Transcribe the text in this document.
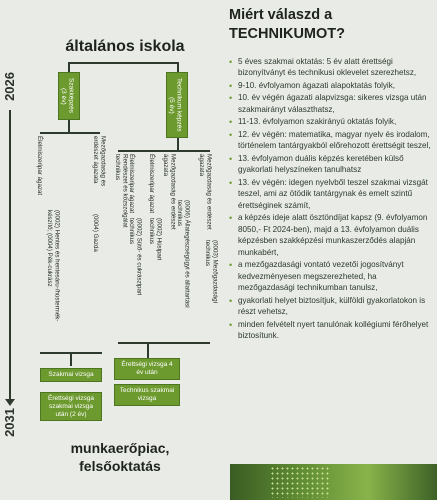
általános iskola
2026
2031
Szakképzés (3 év)	Technikum képzés (5 év)
Élelmiszeripar ágazat
(0002) Hentes és hentesáru-/hústermék-készítő; (0004) Pék-cukrász
Mezőgazdaság és erdészet ágazata
(0004) Gazda
Rendészet és közszolgálat technikus	Élelmiszeripar ágazat
(0002) Sütő- és cukrászipari technikus
Élelmiszeripar ágazat
(0002) Húsipari technikus
Mezőgazdaság és erdészet ágazata
(0006) Állategészségügyi és állattartási technikus	Mezőgazdaság és erdészet ágazata
(0003) Mezőgazdasági technikus
Szakmai vizsga
Érettségi vizsga szakmai vizsga után (2 év)
Érettségi vizsga 4 év után
Technikus szakmai vizsga
munkaerőpiac,
felsőoktatás
Miért válaszd a
TECHNIKUMOT?
• 5 éves szakmai oktatás: 5 év alatt érettségi bizonyítványt és technikusi oklevelet szerezhetsz,
• 9-10. évfolyamon ágazati alapoktatás folyik,
• 10. év végén ágazati alapvizsga: sikeres vizsga után szakmairányt választhatsz,
• 11-13. évfolyamon szakirányú oktatás folyik,
• 12. év végén: matematika, magyar nyelv és irodalom, történelem tantárgyakból előrehozott érettségit teszel,
• 13. évfolyamon duális képzés keretében külső gyakorlati helyszíneken tanulhatsz
• 13. év végén: idegen nyelvből teszel szakmai vizsgát teszel, ami az ötödik tantárgynak és emelt szintű érettséginek számít,
• a képzés ideje alatt ösztöndíjat kapsz (9. évfolyamon 8050,- Ft 2024-ben), majd a 13. évfolyamon duális képzésben szakképzési munkaszerződés alapján munkabért,
• a mezőgazdasági vontató vezetői jogosítványt kedvezményesen megszerezheted, ha mezőgazdasági technikumban tanulsz,
• gyakorlati helyet biztosítjuk, külföldi gyakorlatokon is részt vehetsz,
• minden felvételt nyert tanulónak kollégiumi férőhelyet biztosítunk.
